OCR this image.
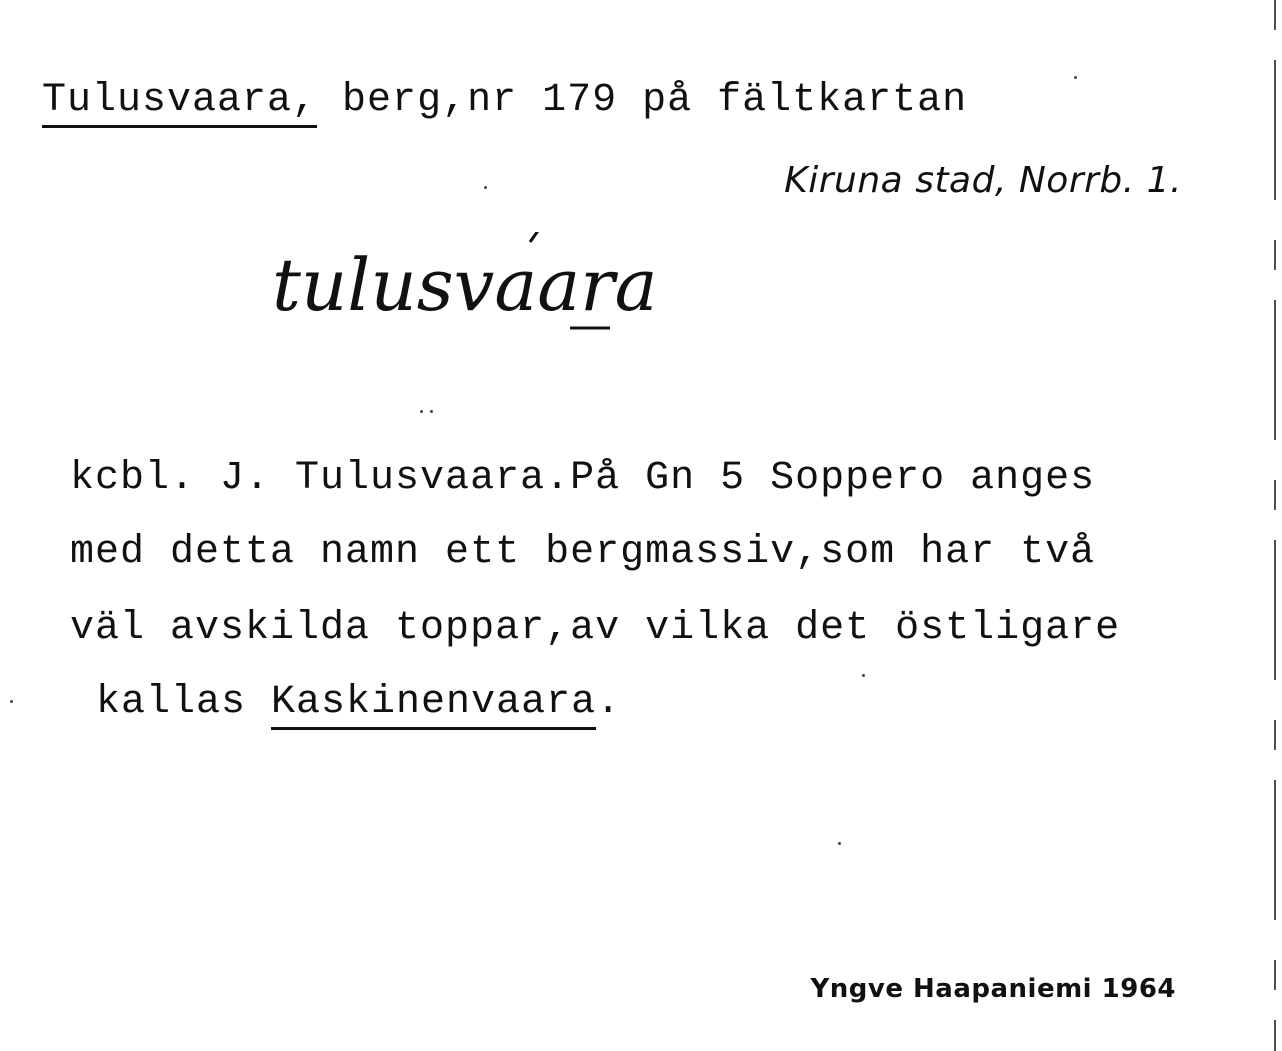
Tulusvaara, berg,nr 179 på fältkartan
Kiruna stad, Norrb. 1.
tulusvaara
kcbl. J. Tulusvaara.På Gn 5 Soppero anges
med detta namn ett bergmassiv,som har två
väl avskilda toppar,av vilka det östligare
kallas Kaskinenvaara.
Yngve Haapaniemi 1964
